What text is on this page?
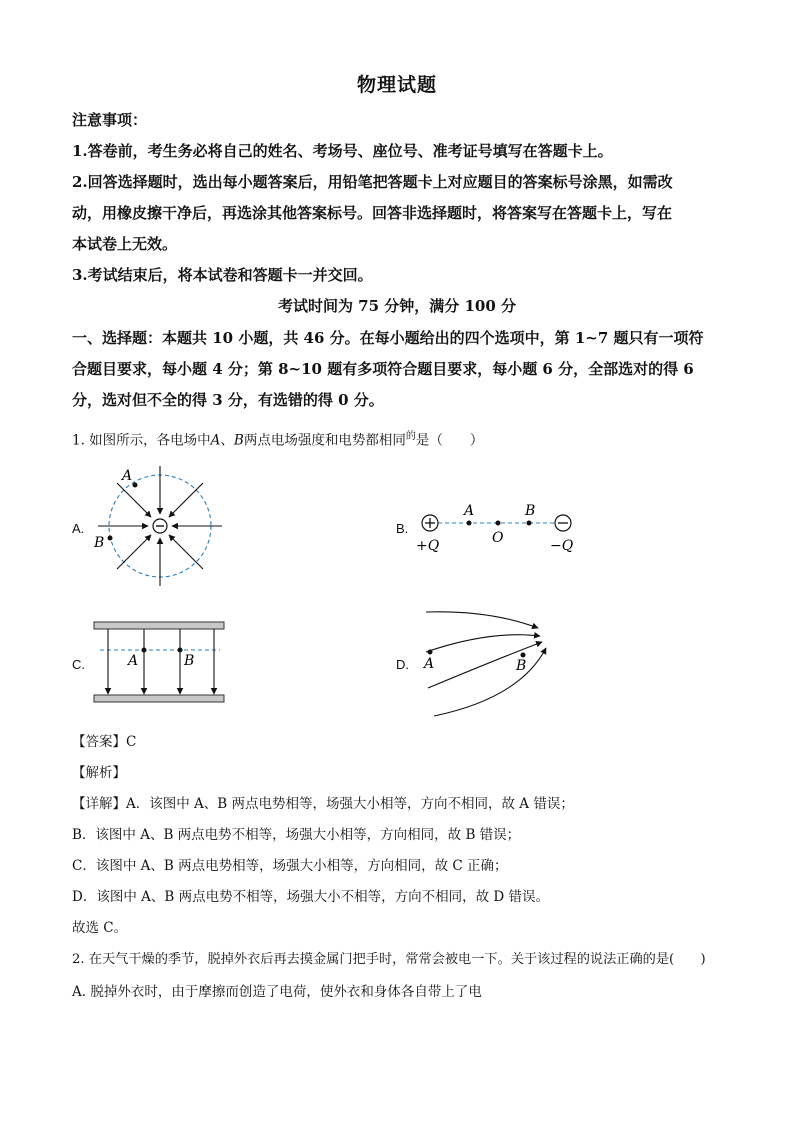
物理试题
注意事项：
1.答卷前，考生务必将自己的姓名、考场号、座位号、准考证号填写在答题卡上。
2.回答选择题时，选出每小题答案后，用铅笔把答题卡上对应题目的答案标号涂黑，如需改
动，用橡皮擦干净后，再选涂其他答案标号。回答非选择题时，将答案写在答题卡上，写在
本试卷上无效。
3.考试结束后，将本试卷和答题卡一并交回。
考试时间为 75 分钟，满分 100 分
一、选择题：本题共 10 小题，共 46 分。在每小题给出的四个选项中，第 1~7 题只有一项符
合题目要求，每小题 4 分；第 8~10 题有多项符合题目要求，每小题 6 分，全部选对的得 6
分，选对但不全的得 3 分，有选错的得 0 分。
1. 如图所示，各电场中A、B两点电场强度和电势都相同$^的$是（　　）
A.	B.
C.	D.
A
B
A	B
O
+Q	−Q
A	B	A	B
【答案】C
【解析】
【详解】A．该图中 A、B 两点电势相等，场强大小相等，方向不相同，故 A 错误；
B．该图中 A、B 两点电势不相等，场强大小相等，方向相同，故 B 错误；
C．该图中 A、B 两点电势相等，场强大小相等，方向相同，故 C 正确；
D．该图中 A、B 两点电势不相等，场强大小不相等，方向不相同，故 D 错误。
故选 C。
2. 在天气干燥的季节，脱掉外衣后再去摸金属门把手时，常常会被电一下。关于该过程的说法正确的是(　　)
A. 脱掉外衣时，由于摩擦而创造了电荷，使外衣和身体各自带上了电
